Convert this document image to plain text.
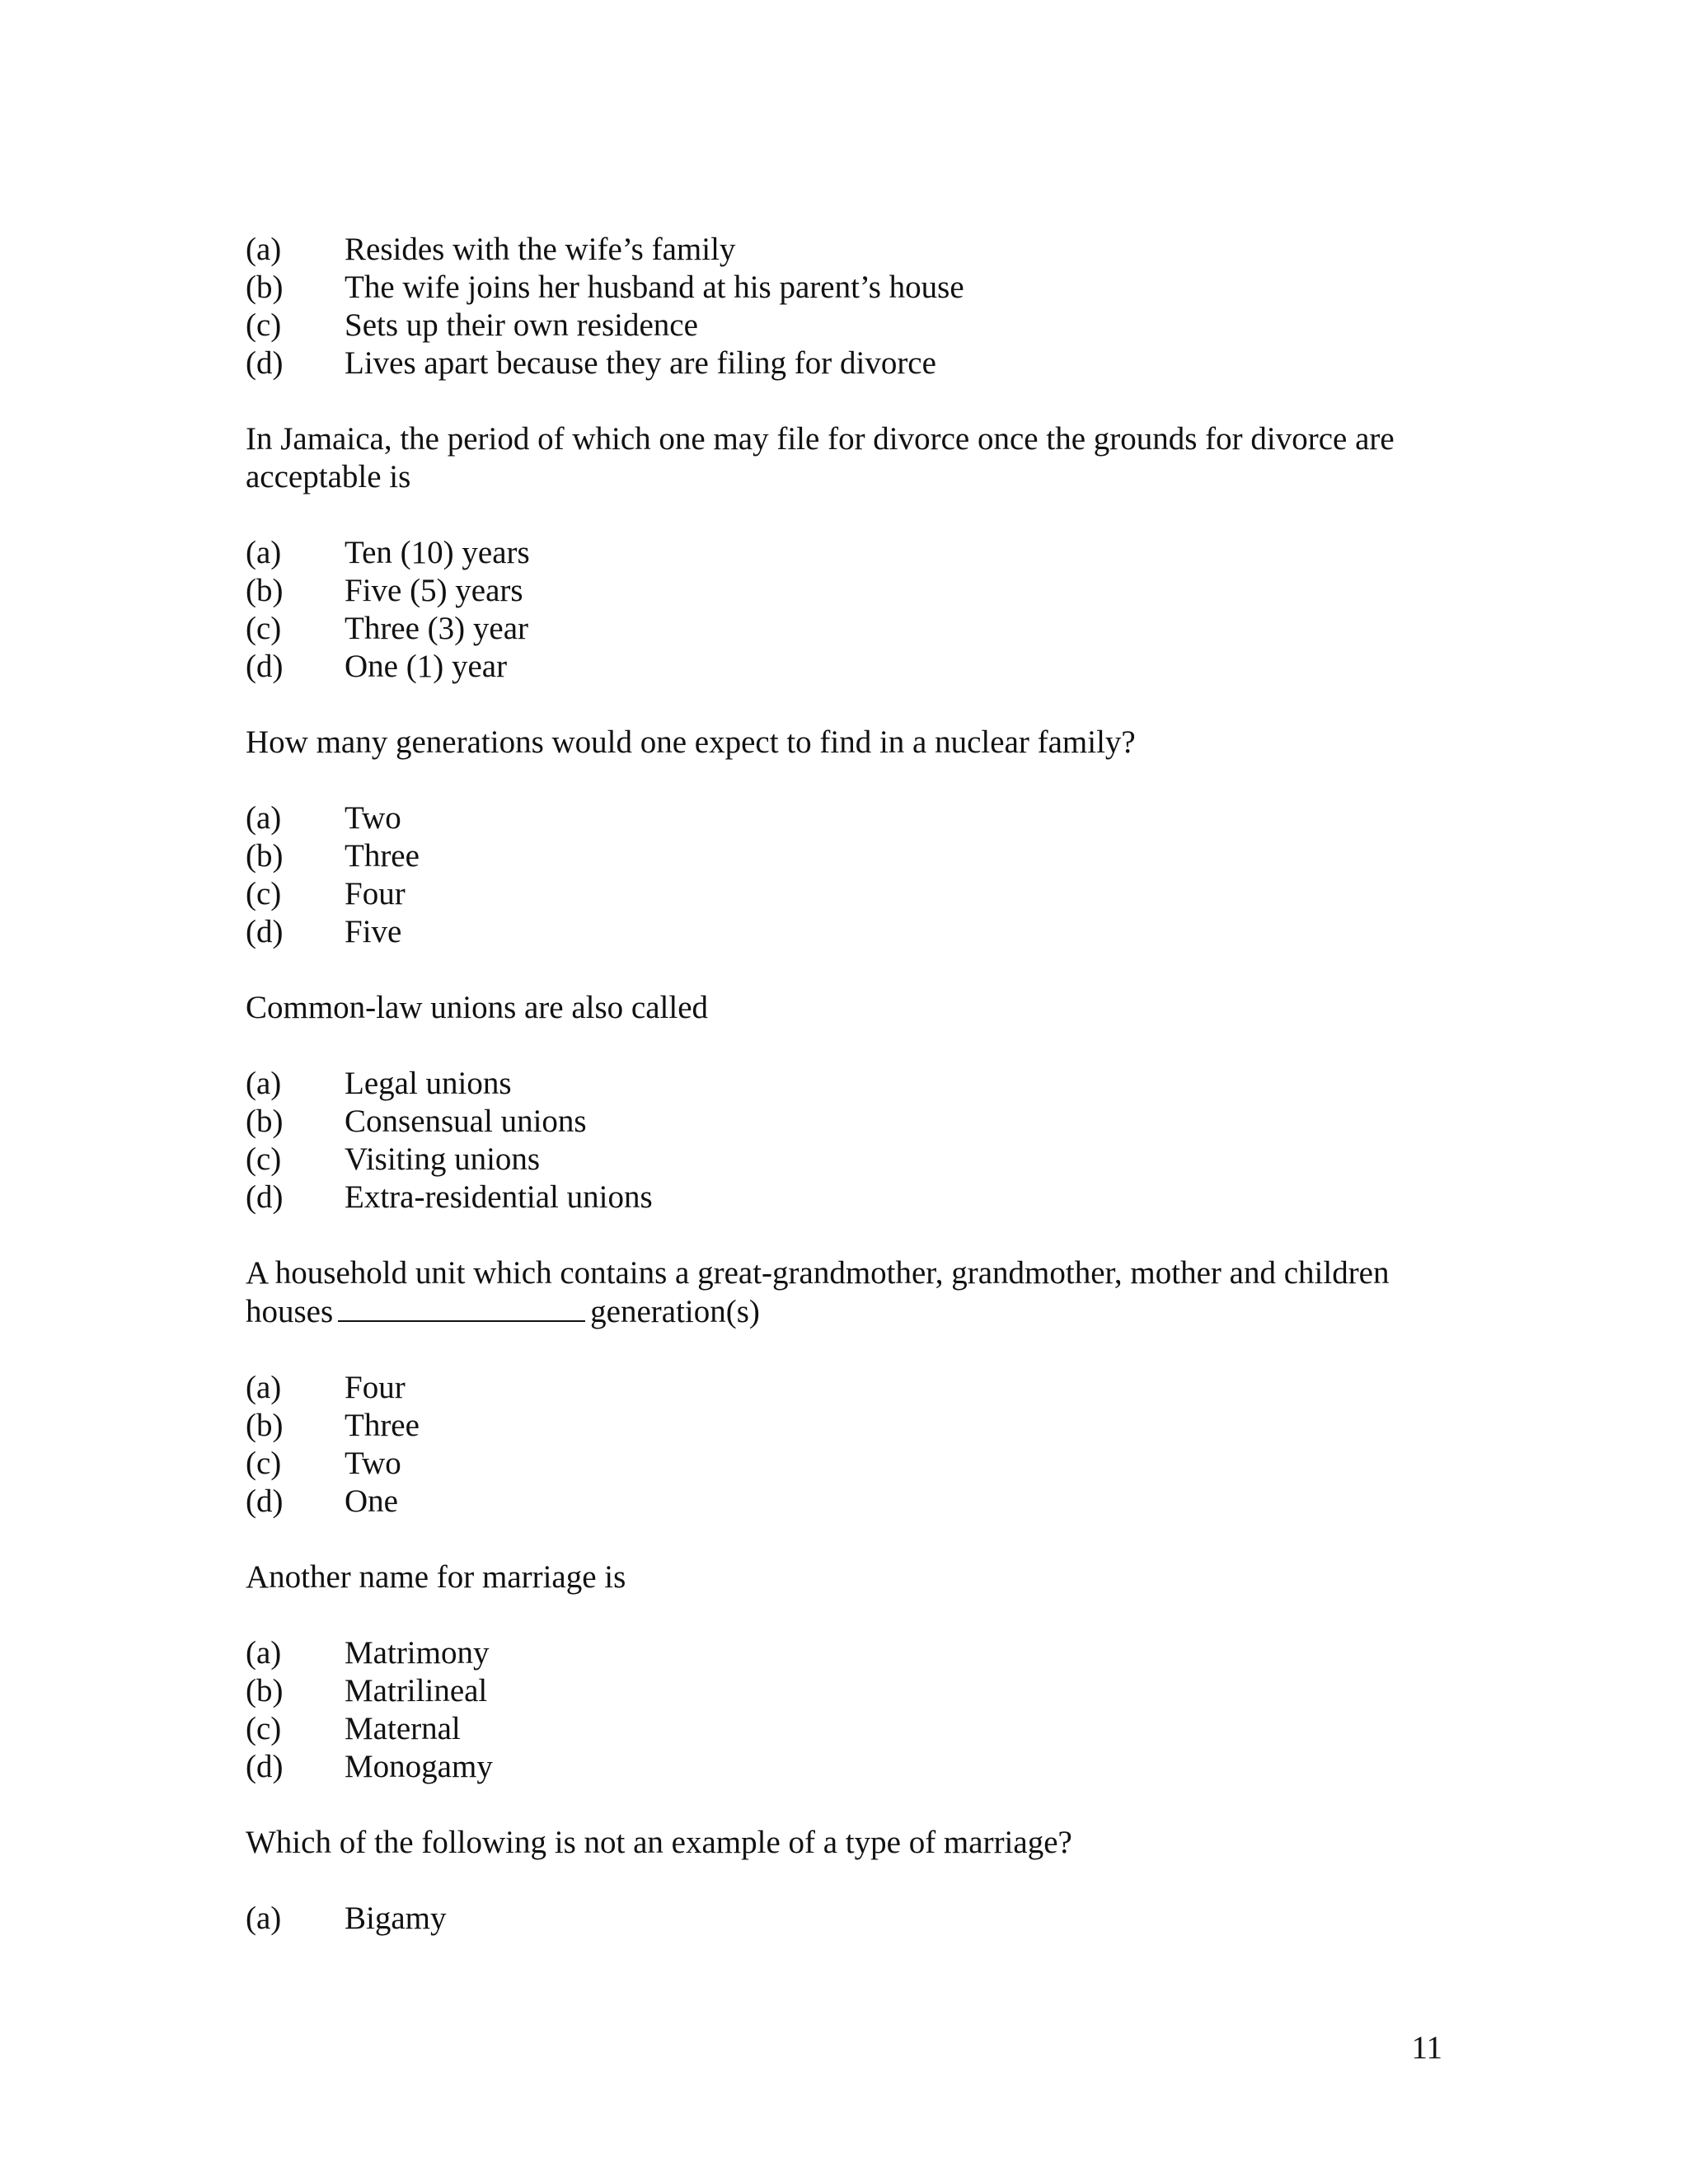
(a)	Resides with the wife’s family
(b)	The wife joins her husband at his parent’s house
(c)	Sets up their own residence
(d)	Lives apart because they are filing for divorce

In Jamaica, the period of which one may file for divorce once the grounds for divorce are
acceptable is

(a)	Ten (10) years
(b)	Five (5) years
(c)	Three (3) year
(d)	One (1) year

How many generations would one expect to find in a nuclear family?

(a)	Two
(b)	Three
(c)	Four
(d)	Five

Common-law unions are also called

(a)	Legal unions
(b)	Consensual unions
(c)	Visiting unions
(d)	Extra-residential unions

A household unit which contains a great-grandmother, grandmother, mother and children
houses	generation(s)

(a)	Four
(b)	Three
(c)	Two
(d)	One

Another name for marriage is

(a)	Matrimony
(b)	Matrilineal
(c)	Maternal
(d)	Monogamy

Which of the following is not an example of a type of marriage?

(a)	Bigamy
11
